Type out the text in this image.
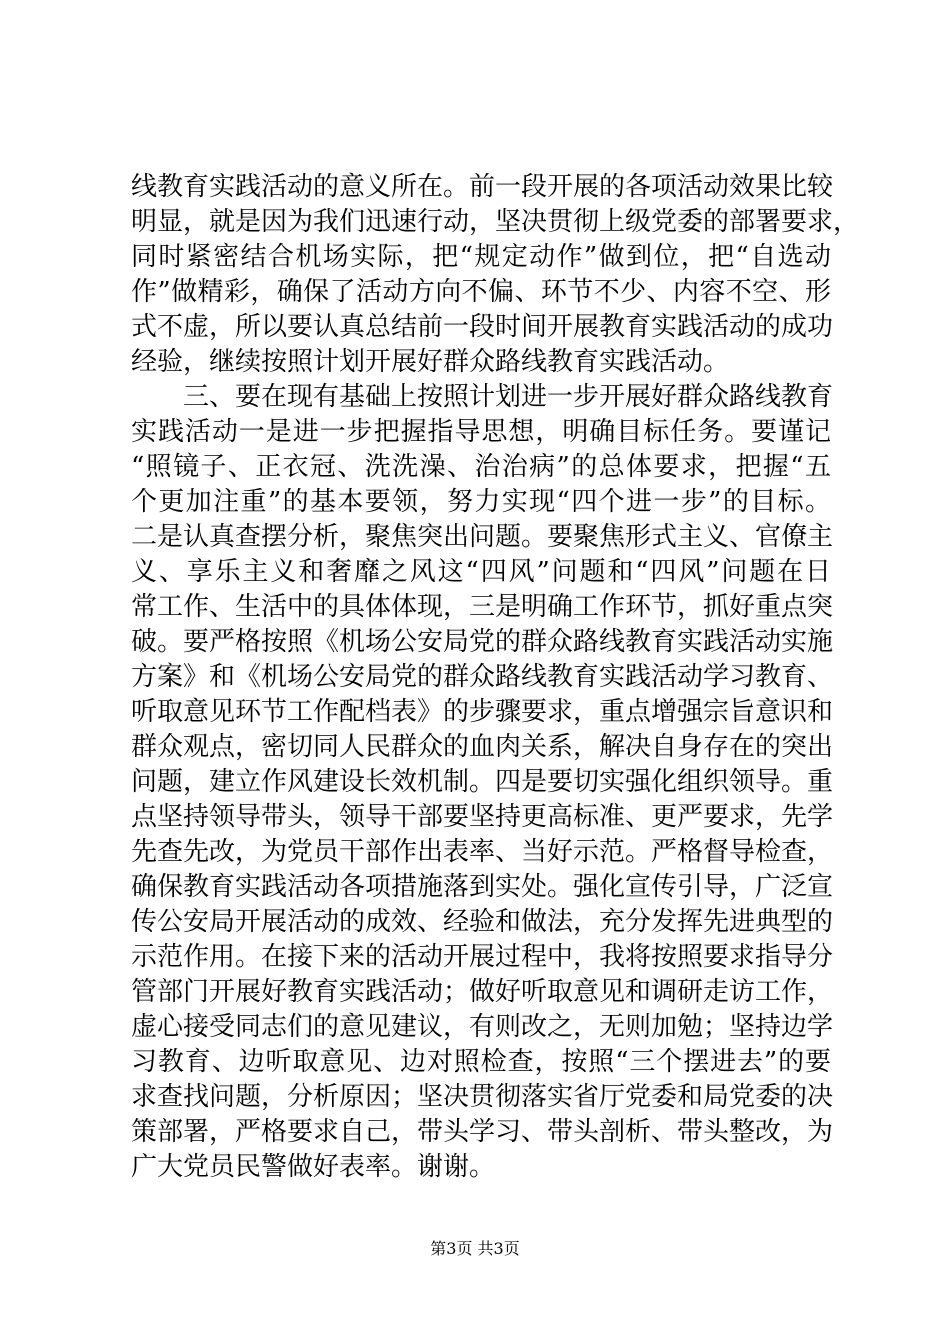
线教育实践活动的意义所在。前一段开展的各项活动效果比较
明显，就是因为我们迅速行动，坚决贯彻上级党委的部署要求，
同时紧密结合机场实际，把“规定动作”做到位，把“自选动
作”做精彩，确保了活动方向不偏、环节不少、内容不空、形
式不虚，所以要认真总结前一段时间开展教育实践活动的成功
经验，继续按照计划开展好群众路线教育实践活动。
　　三、要在现有基础上按照计划进一步开展好群众路线教育
实践活动一是进一步把握指导思想，明确目标任务。要谨记
“照镜子、正衣冠、洗洗澡、治治病”的总体要求，把握“五
个更加注重”的基本要领，努力实现“四个进一步”的目标。
二是认真查摆分析，聚焦突出问题。要聚焦形式主义、官僚主
义、享乐主义和奢靡之风这“四风”问题和“四风”问题在日
常工作、生活中的具体体现，三是明确工作环节，抓好重点突
破。要严格按照《机场公安局党的群众路线教育实践活动实施
方案》和《机场公安局党的群众路线教育实践活动学习教育、
听取意见环节工作配档表》的步骤要求，重点增强宗旨意识和
群众观点，密切同人民群众的血肉关系，解决自身存在的突出
问题，建立作风建设长效机制。四是要切实强化组织领导。重
点坚持领导带头，领导干部要坚持更高标准、更严要求，先学
先查先改，为党员干部作出表率、当好示范。严格督导检查，
确保教育实践活动各项措施落到实处。强化宣传引导，广泛宣
传公安局开展活动的成效、经验和做法，充分发挥先进典型的
示范作用。在接下来的活动开展过程中，我将按照要求指导分
管部门开展好教育实践活动；做好听取意见和调研走访工作，
虚心接受同志们的意见建议，有则改之，无则加勉；坚持边学
习教育、边听取意见、边对照检查，按照“三个摆进去”的要
求查找问题，分析原因；坚决贯彻落实省厅党委和局党委的决
策部署，严格要求自己，带头学习、带头剖析、带头整改，为
广大党员民警做好表率。谢谢。
第3页 共3页
